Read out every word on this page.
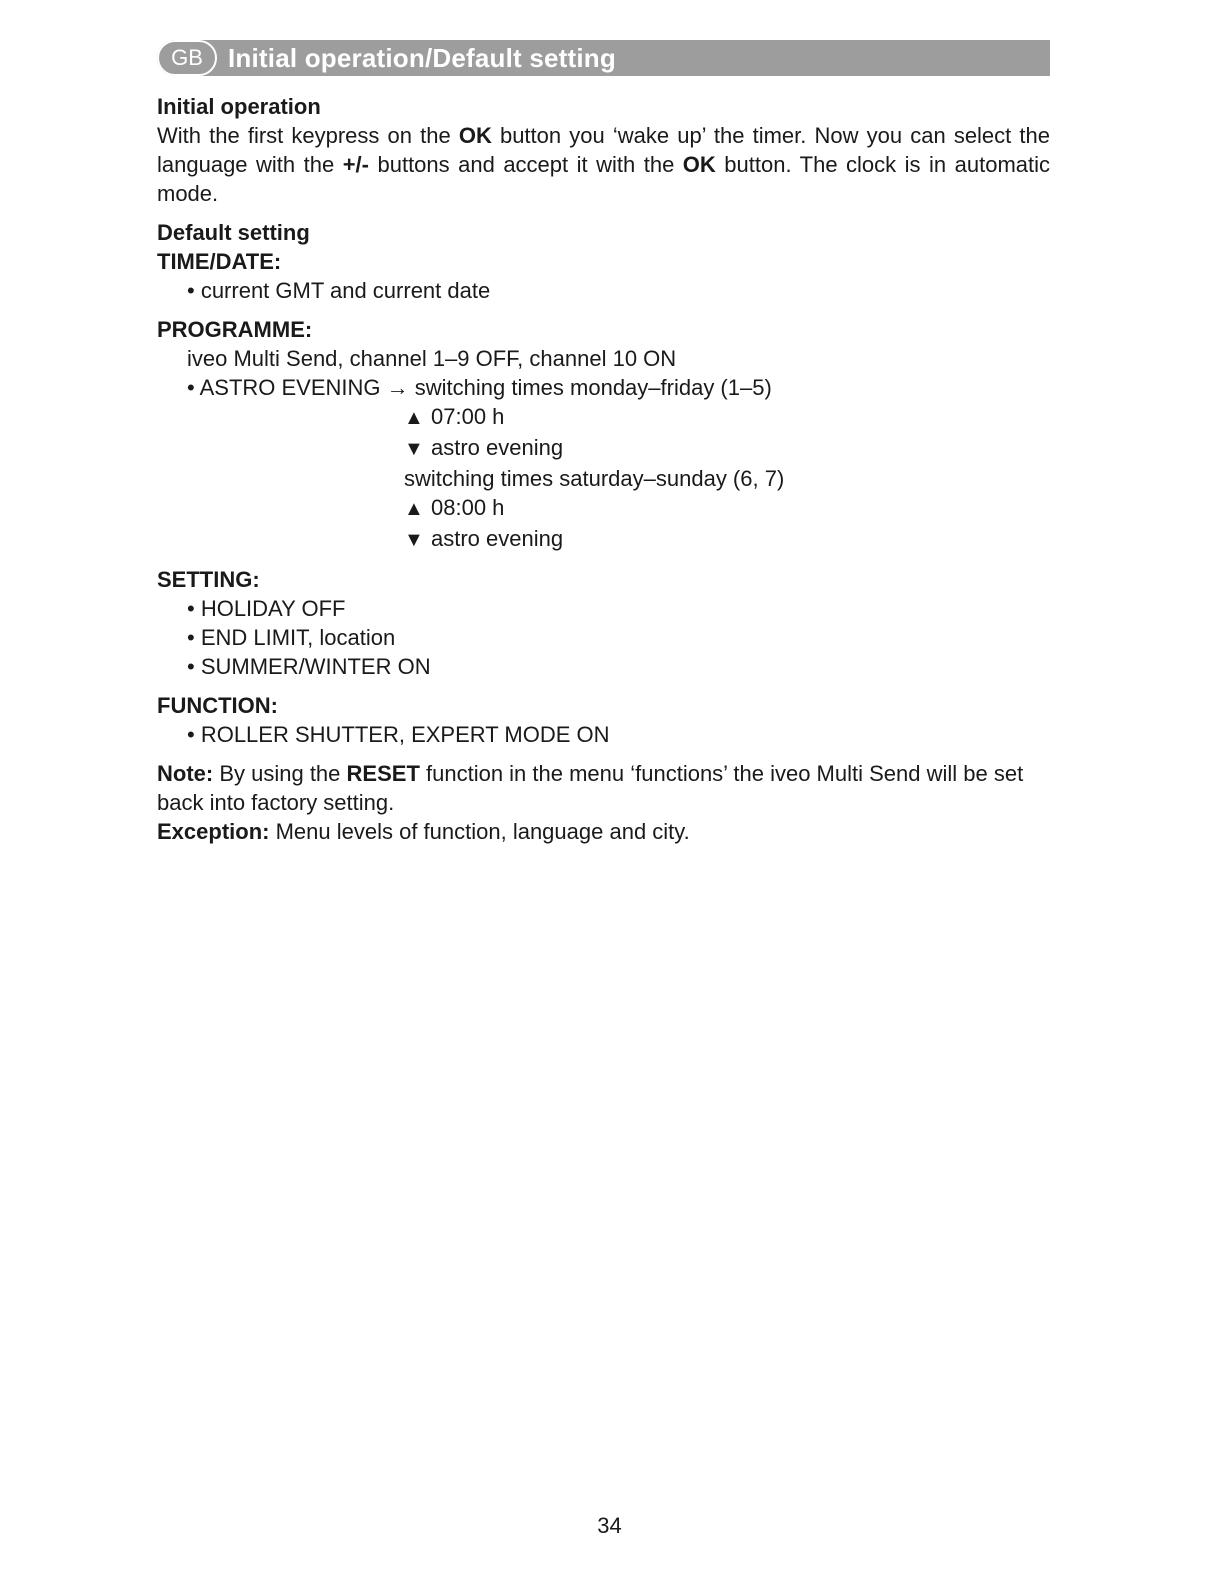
GB Initial operation/Default setting

Initial operation

With the first keypress on the OK button you ‘wake up’ the timer. Now you can select the language with the +/- buttons and accept it with the OK button. The clock is in automatic mode.

Default setting

TIME/DATE:

• current GMT and current date

PROGRAMME:

iveo Multi Send, channel 1–9 OFF, channel 10 ON

• ASTRO EVENING → switching times monday–friday (1–5)

▲ 07:00 h

▼ astro evening

switching times saturday–sunday (6, 7)

▲ 08:00 h

▼ astro evening

SETTING:

• HOLIDAY OFF

• END LIMIT, location

• SUMMER/WINTER ON

FUNCTION:

• ROLLER SHUTTER, EXPERT MODE ON

Note: By using the RESET function in the menu ‘functions’ the iveo Multi Send will be set back into factory setting.

Exception: Menu levels of function, language and city.

34
